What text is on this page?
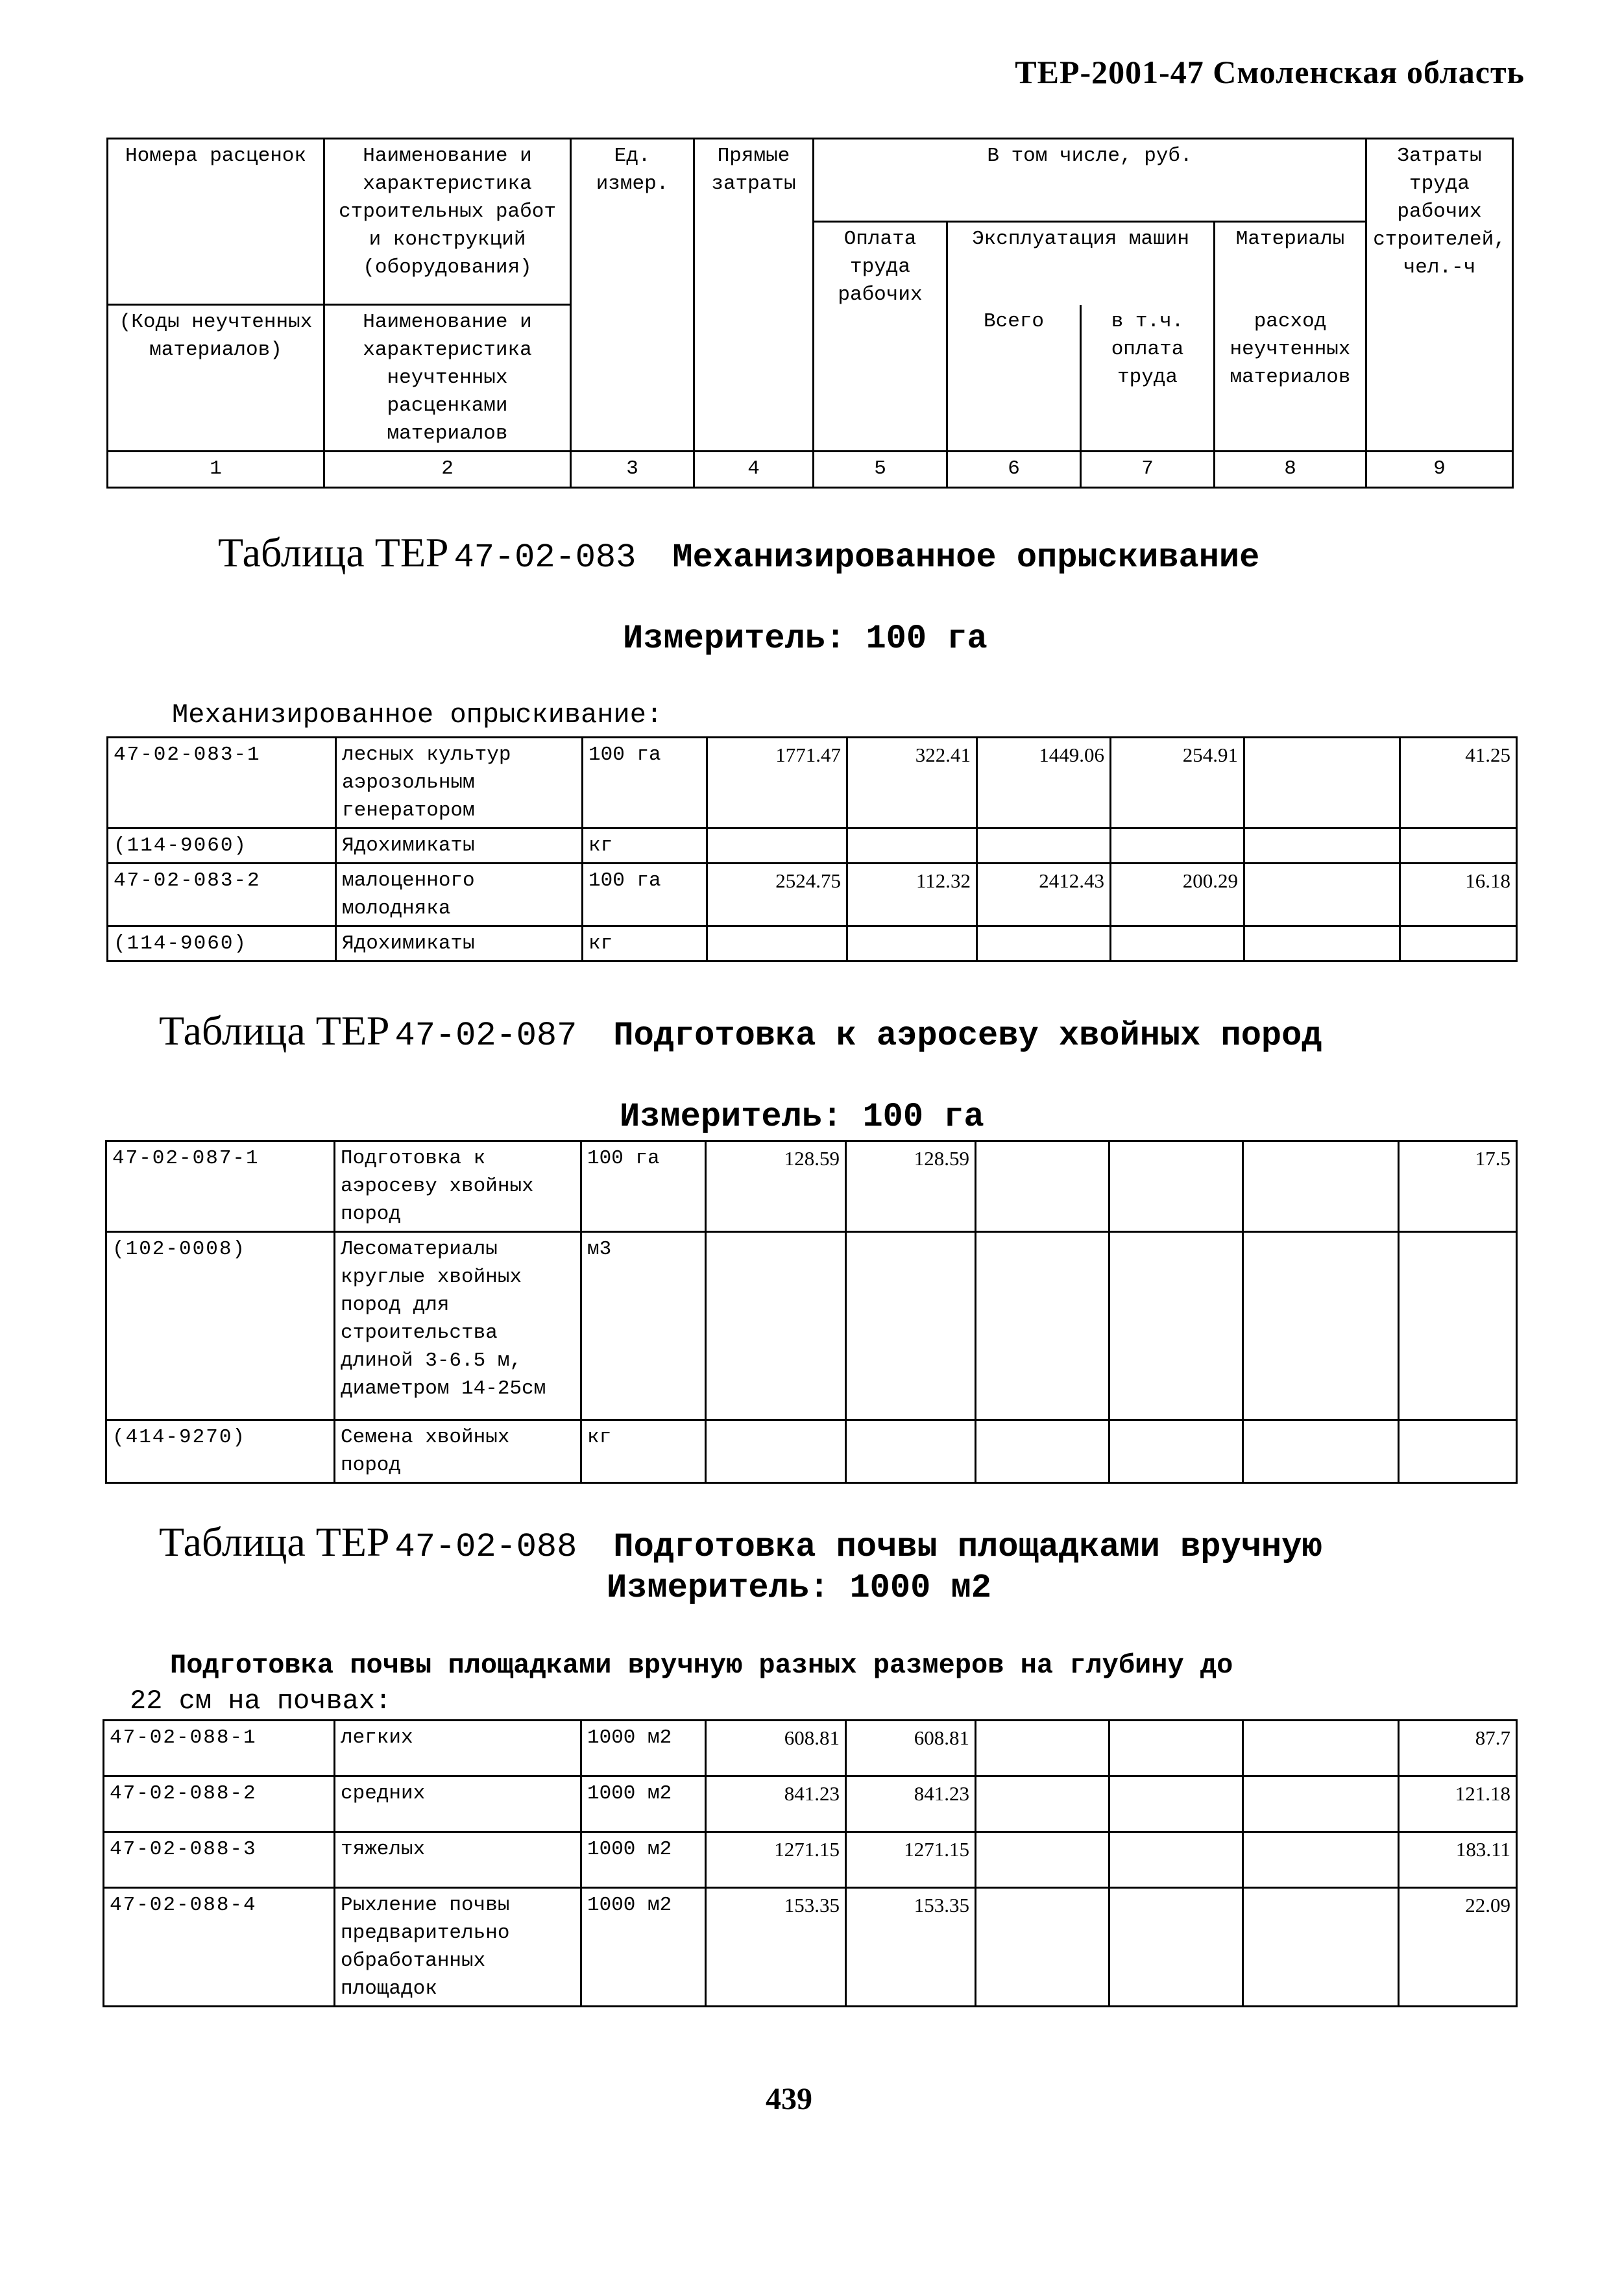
ТЕР-2001-47 Смоленская область
Номера расценок	Наименование и характеристика строительных работ и конструкций (оборудования)	Ед. измер.	Прямые затраты	В том числе, руб.				Затраты труда рабочих строителей, чел.-ч
				Оплата труда рабочих	Эксплуатация машин		Материалы	
(Коды неучтенных материалов)	Наименование и характеристика неучтенных расценками материалов				Всего	в т.ч. оплата труда	расход неучтенных материалов	
1	2	3	4	5	6	7	8	9
Таблица ТЕР 47-02-083 Механизированное опрыскивание
Измеритель: 100 га
Механизированное опрыскивание:
47-02-083-1	лесных культур аэрозольным генератором	100 га	1771.47	322.41	1449.06	254.91		41.25
(114-9060)	Ядохимикаты	кг						
47-02-083-2	малоценного молодняка	100 га	2524.75	112.32	2412.43	200.29		16.18
(114-9060)	Ядохимикаты	кг						
Таблица ТЕР 47-02-087 Подготовка к аэросеву хвойных пород
Измеритель: 100 га
47-02-087-1	Подготовка к аэросеву хвойных пород	100 га	128.59	128.59				17.5
(102-0008)	Лесоматериалы круглые хвойных пород для строительства длиной 3-6.5 м, диаметром 14-25см	м3						
(414-9270)	Семена хвойных пород	кг						
Таблица ТЕР 47-02-088 Подготовка почвы площадками вручную
Измеритель: 1000 м2
Подготовка почвы площадками вручную разных размеров на глубину до
22 см на почвах:
47-02-088-1	легких	1000 м2	608.81	608.81				87.7
47-02-088-2	средних	1000 м2	841.23	841.23				121.18
47-02-088-3	тяжелых	1000 м2	1271.15	1271.15				183.11
47-02-088-4	Рыхление почвы предварительно обработанных площадок	1000 м2	153.35	153.35				22.09
439
